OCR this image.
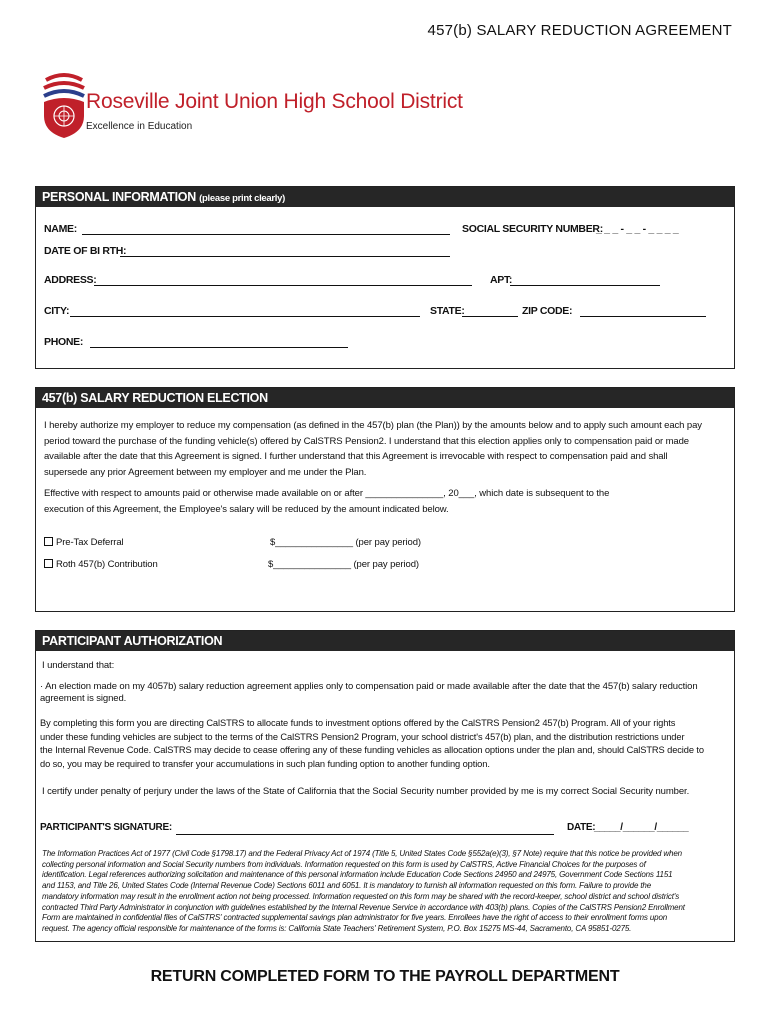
457(b) SALARY REDUCTION AGREEMENT
Roseville Joint Union High School District
Excellence in Education
PERSONAL INFORMATION (please print clearly)
NAME:	SOCIAL SECURITY NUMBER:
_ _ _ - _ _ - _ _ _ _
DATE OF BI RTH:
ADDRESS:	APT:
CITY:	STATE:	ZIP CODE:
PHONE:
457(b) SALARY REDUCTION ELECTION
I hereby authorize my employer to reduce my compensation (as defined in the 457(b) plan (the Plan)) by the amounts below and to apply such amount each pay
period toward the purchase of the funding vehicle(s) offered by CalSTRS Pension2. I understand that this election applies only to compensation paid or made
available after the date that this Agreement is signed. I further understand that this Agreement is irrevocable with respect to compensation paid and shall
supersede any prior Agreement between my employer and me under the Plan.
Effective with respect to amounts paid or otherwise made available on or after _______________, 20___, which date is subsequent to the
execution of this Agreement, the Employee's salary will be reduced by the amount indicated below.
Pre-Tax Deferral	$_______________ (per pay period)
Roth 457(b) Contribution	$_______________ (per pay period)
PARTICIPANT AUTHORIZATION
I understand that:
· An election made on my 4057b) salary reduction agreement applies only to compensation paid or made available after the date that the 457(b) salary reduction
agreement is signed.
By completing this form you are directing CalSTRS to allocate funds to investment options offered by the CalSTRS Pension2 457(b) Program. All of your rights
under these funding vehicles are subject to the terms of the CalSTRS Pension2 Program, your school district's 457(b) plan, and the distribution restrictions under
the Internal Revenue Code. CalSTRS may decide to cease offering any of these funding vehicles as allocation options under the plan and, should CalSTRS decide to
do so, you may be required to transfer your accumulations in such plan funding option to another funding option.
I certify under penalty of perjury under the laws of the State of California that the Social Security number provided by me is my correct Social Security number.
PARTICIPANT'S SIGNATURE:	DATE:
_____/______/______
The Information Practices Act of 1977 (Civil Code §1798.17) and the Federal Privacy Act of 1974 (Title 5, United States Code §552a(e)(3), §7 Note) require that this notice be provided when
collecting personal information and Social Security numbers from individuals. Information requested on this form is used by CalSTRS, Active Financial Choices for the purposes of
identification. Legal references authorizing solicitation and maintenance of this personal information include Education Code Sections 24950 and 24975, Government Code Sections 1151
and 1153, and Title 26, United States Code (Internal Revenue Code) Sections 6011 and 6051. It is mandatory to furnish all information requested on this form. Failure to provide the
mandatory information may result in the enrollment action not being processed. Information requested on this form may be shared with the record-keeper, school district and school district's
contracted Third Party Administrator in conjunction with guidelines established by the Internal Revenue Service in accordance with 403(b) plans. Copies of the CalSTRS Pension2 Enrollment
Form are maintained in confidential files of CalSTRS' contracted supplemental savings plan administrator for five years. Enrollees have the right of access to their enrollment forms upon
request. The agency official responsible for maintenance of the forms is: California State Teachers' Retirement System, P.O. Box 15275 MS-44, Sacramento, CA 95851-0275.
RETURN COMPLETED FORM TO THE PAYROLL DEPARTMENT
